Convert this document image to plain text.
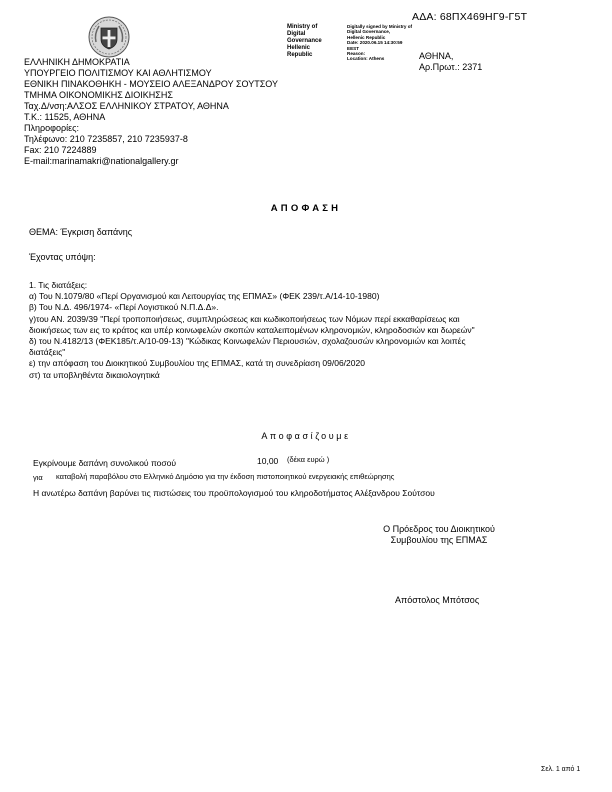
ΑΔΑ: 68ΠΧ469ΗΓ9-Γ5Τ
Ministry of Digital
Governance
Hellenic Republic
Digitally signed by Ministry of
Digital Governance,
Hellenic Republic
Date: 2020.06.15 14:30:59
EEST
Reason:
Location: Athens
ΕΛΛΗΝΙΚΗ ΔΗΜΟΚΡΑΤΙΑ
ΥΠΟΥΡΓΕΙΟ ΠΟΛΙΤΙΣΜΟΥ ΚΑΙ ΑΘΛΗΤΙΣΜΟΥ
ΕΘΝΙΚΗ ΠΙΝΑΚΟΘΗΚΗ - ΜΟΥΣΕΙΟ ΑΛΕΞΑΝΔΡΟΥ ΣΟΥΤΣΟΥ
ΤΜΗΜΑ ΟΙΚΟΝΟΜΙΚΗΣ ΔΙΟΙΚΗΣΗΣ
Ταχ.Δ/νση:ΑΛΣΟΣ ΕΛΛΗΝΙΚΟΥ ΣΤΡΑΤΟΥ, ΑΘΗΝΑ
Τ.Κ.: 11525, ΑΘΗΝΑ
Πληροφορίες:
Τηλέφωνο: 210 7235857, 210 7235937-8
Fax: 210 7224889
E-mail:marinamakri@nationalgallery.gr
ΑΘΗΝΑ,
Αρ.Πρωτ.: 2371
ΑΠΟΦΑΣΗ
ΘΕΜΑ: Έγκριση δαπάνης
Έχοντας υπόψη:
1. Τις διατάξεις:
α) Του Ν.1079/80 «Περί Οργανισμού και Λειτουργίας της ΕΠΜΑΣ» (ΦΕΚ 239/τ.Α/14-10-1980)
β) Του Ν.Δ. 496/1974- «Περί Λογιστικού Ν.Π.Δ.Δ».
γ)του ΑΝ. 2039/39 "Περί τροποποιήσεως, συμπληρώσεως και κωδικοποιήσεως των Νόμων περί εκκαθαρίσεως και
διοικήσεως των εις το κράτος και υπέρ κοινωφελών σκοπών καταλειπομένων κληρονομιών, κληροδοσιών και δωρεών"
δ) του Ν.4182/13 (ΦΕΚ185/τ.Α/10-09-13) "Κώδικας Κοινωφελών Περιουσιών, σχολαζουσών κληρονομιών και λοιπές
διατάξεις"
ε) την απόφαση του Διοικητικού Συμβουλίου της ΕΠΜΑΣ, κατά τη συνεδρίαση 09/06/2020
στ) τα υποβληθέντα δικαιολογητικά
Αποφασίζουμε
Εγκρίνουμε δαπάνη συνολικού ποσού	10,00 (δέκα ευρώ )
για καταβολή παραβόλου στο Ελληνικό Δημόσιο για την έκδοση πιστοποιητικού ενεργειακής επιθεώρησης
Η ανωτέρω δαπάνη βαρύνει τις πιστώσεις του προϋπολογισμού του κληροδοτήματος Αλέξανδρου Σούτσου
Ο Πρόεδρος του Διοικητικού
Συμβουλίου της ΕΠΜΑΣ
Απόστολος Μπότσος
Σελ. 1 από 1
